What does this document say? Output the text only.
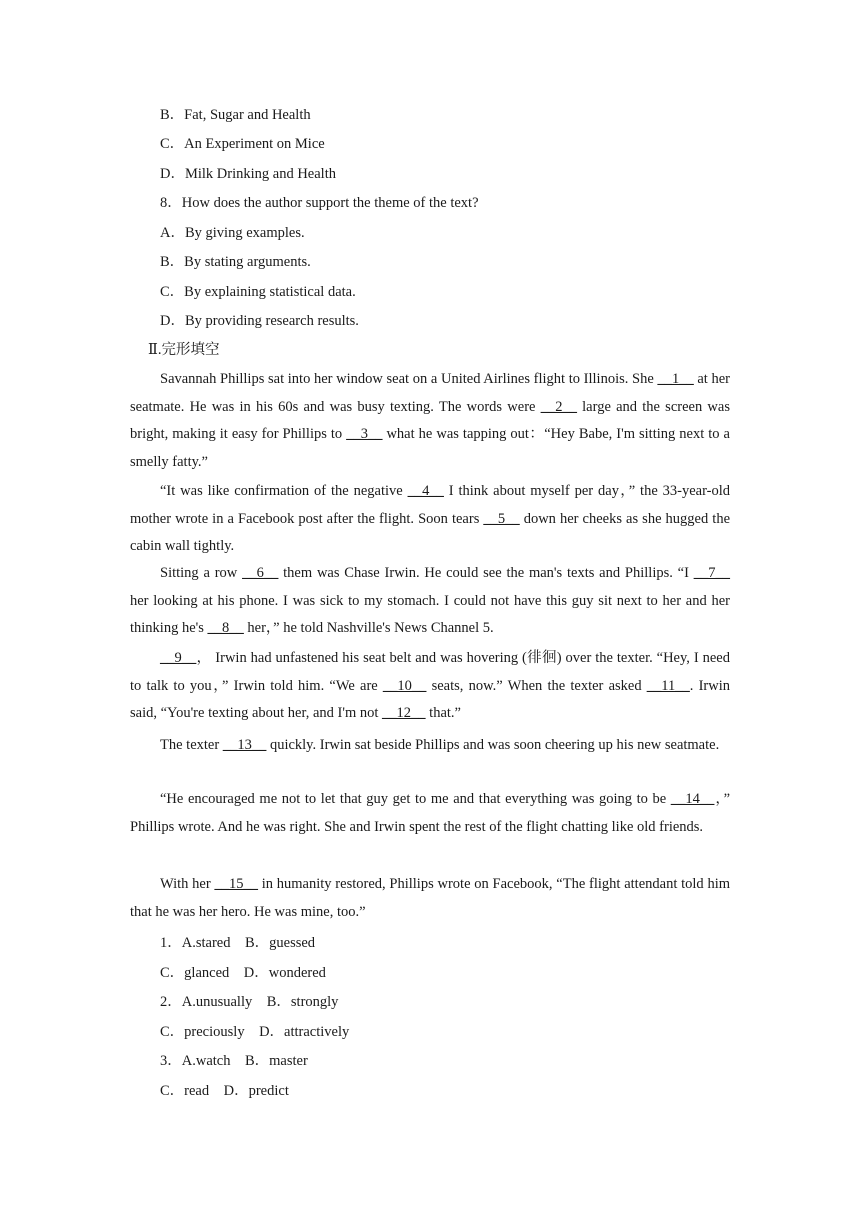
B．Fat, Sugar and Health
C．An Experiment on Mice
D．Milk Drinking and Health
8．How does the author support the theme of the text?
A．By giving examples.
B．By stating arguments.
C．By explaining statistical data.
D．By providing research results.
Ⅱ.完形填空
Savannah Phillips sat into her window seat on a United Airlines flight to Illinois. She __1__ at her seatmate. He was in his 60s and was busy texting. The words were __2__ large and the screen was bright, making it easy for Phillips to __3__ what he was tapping out：“Hey Babe, I'm sitting next to a smelly fatty.”
“It was like confirmation of the negative __4__ I think about myself per day，” the 33-year-old mother wrote in a Facebook post after the flight. Soon tears __5__ down her cheeks as she hugged the cabin wall tightly.
Sitting a row __6__ them was Chase Irwin. He could see the man's texts and Phillips. “I __7__ her looking at his phone. I was sick to my stomach. I could not have this guy sit next to her and her thinking he's __8__ her，” he told Nashville's News Channel 5.
__9__， Irwin had unfastened his seat belt and was hovering (徘徊) over the texter. “Hey, I need to talk to you，” Irwin told him. “We are __10__ seats, now.” When the texter asked __11__. Irwin said, “You're texting about her, and I'm not __12__ that.”
The texter __13__ quickly. Irwin sat beside Phillips and was soon cheering up his new seatmate.
“He encouraged me not to let that guy get to me and that everything was going to be __14__，” Phillips wrote. And he was right. She and Irwin spent the rest of the flight chatting like old friends.
With her __15__ in humanity restored, Phillips wrote on Facebook, “The flight attendant told him that he was her hero. He was mine, too.”
1．A.stared　B．guessed
C．glanced　D．wondered
2．A.unusually　B．strongly
C．preciously　D．attractively
3．A.watch　B．master
C．read　D．predict
